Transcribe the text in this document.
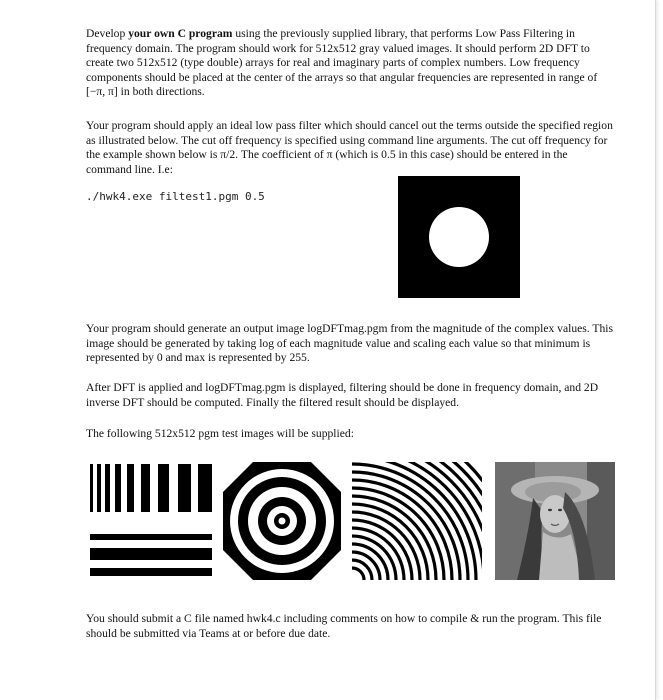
Develop your own C program using the previously supplied library, that performs Low Pass Filtering in frequency domain. The program should work for 512x512 gray valued images. It should perform 2D DFT to create two 512x512 (type double) arrays for real and imaginary parts of complex numbers. Low frequency components should be placed at the center of the arrays so that angular frequencies are represented in range of [−π, π] in both directions.

Your program should apply an ideal low pass filter which should cancel out the terms outside the specified region as illustrated below. The cut off frequency is specified using command line arguments. The cut off frequency for the example shown below is π/2. The coefficient of π (which is 0.5 in this case) should be entered in the command line. I.e:

./hwk4.exe filtest1.pgm 0.5

Your program should generate an output image logDFTmag.pgm from the magnitude of the complex values. This image should be generated by taking log of each magnitude value and scaling each value so that minimum is represented by 0 and max is represented by 255.

After DFT is applied and logDFTmag.pgm is displayed, filtering should be done in frequency domain, and 2D inverse DFT should be computed. Finally the filtered result should be displayed.

The following 512x512 pgm test images will be supplied:

You should submit a C file named hwk4.c including comments on how to compile & run the program. This file should be submitted via Teams at or before due date.
